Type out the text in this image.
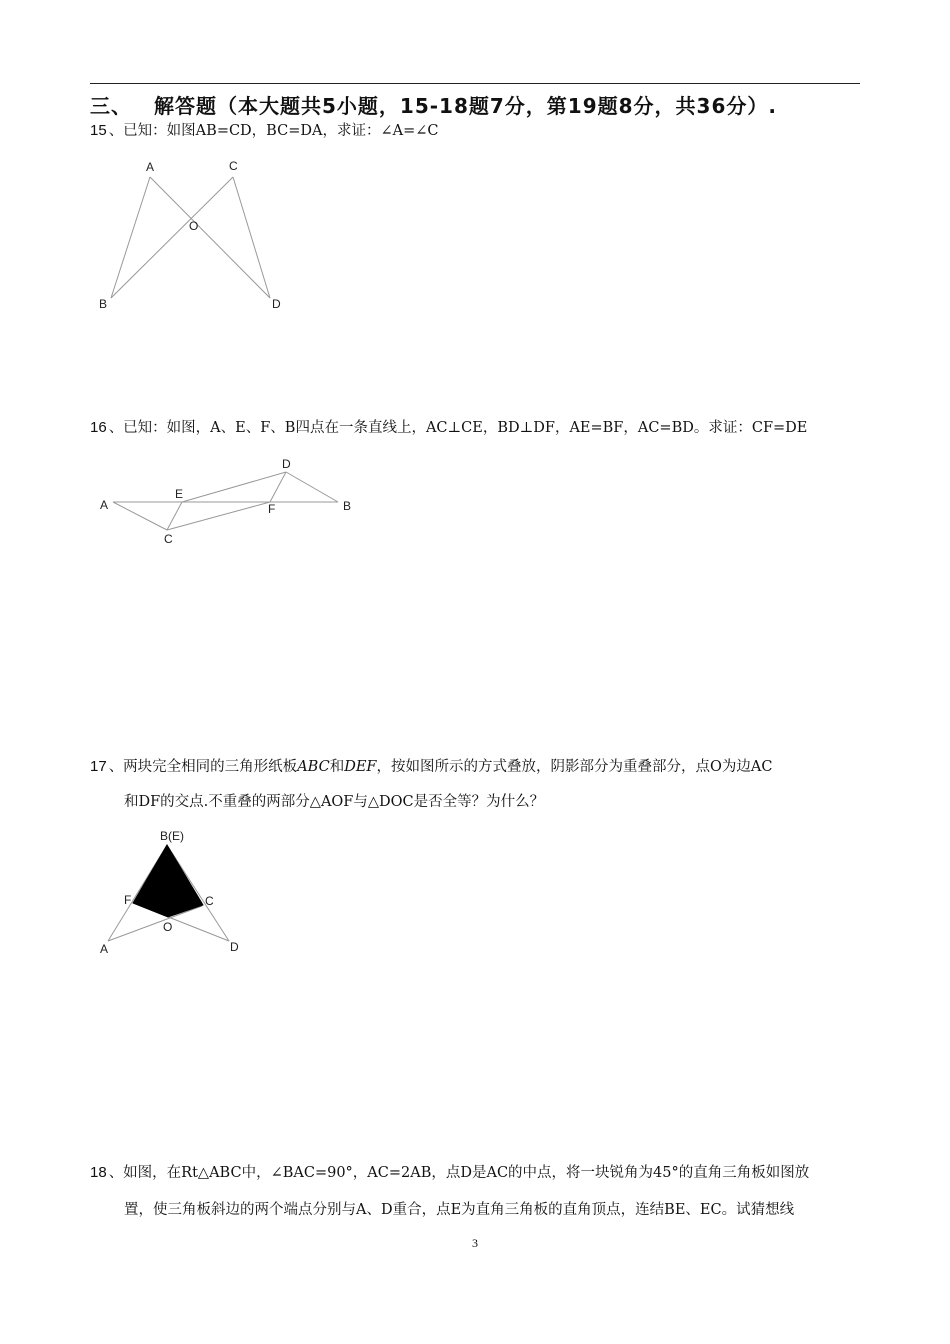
三、 解答题（本大题共5小题，15-18题7分，第19题8分，共36分）.
15 、已知：如图AB=CD，BC=DA，求证：∠A=∠C
A	C
O
B	D
A
E
D
F	B
C
B(E)
F	C
O
A	D
16 、已知：如图，A、E、F、B四点在一条直线上，AC⊥CE，BD⊥DF，AE=BF，AC=BD。求证：CF=DE
17 、两块完全相同的三角形纸板ABC和DEF，按如图所示的方式叠放，阴影部分为重叠部分，点O为边AC
和DF的交点.不重叠的两部分△AOF与△DOC是否全等？为什么？
18 、如图，在Rt△ABC中，∠BAC=90°，AC=2AB，点D是AC的中点，将一块锐角为45°的直角三角板如图放
置，使三角板斜边的两个端点分别与A、D重合，点E为直角三角板的直角顶点，连结BE、EC。试猜想线
3
